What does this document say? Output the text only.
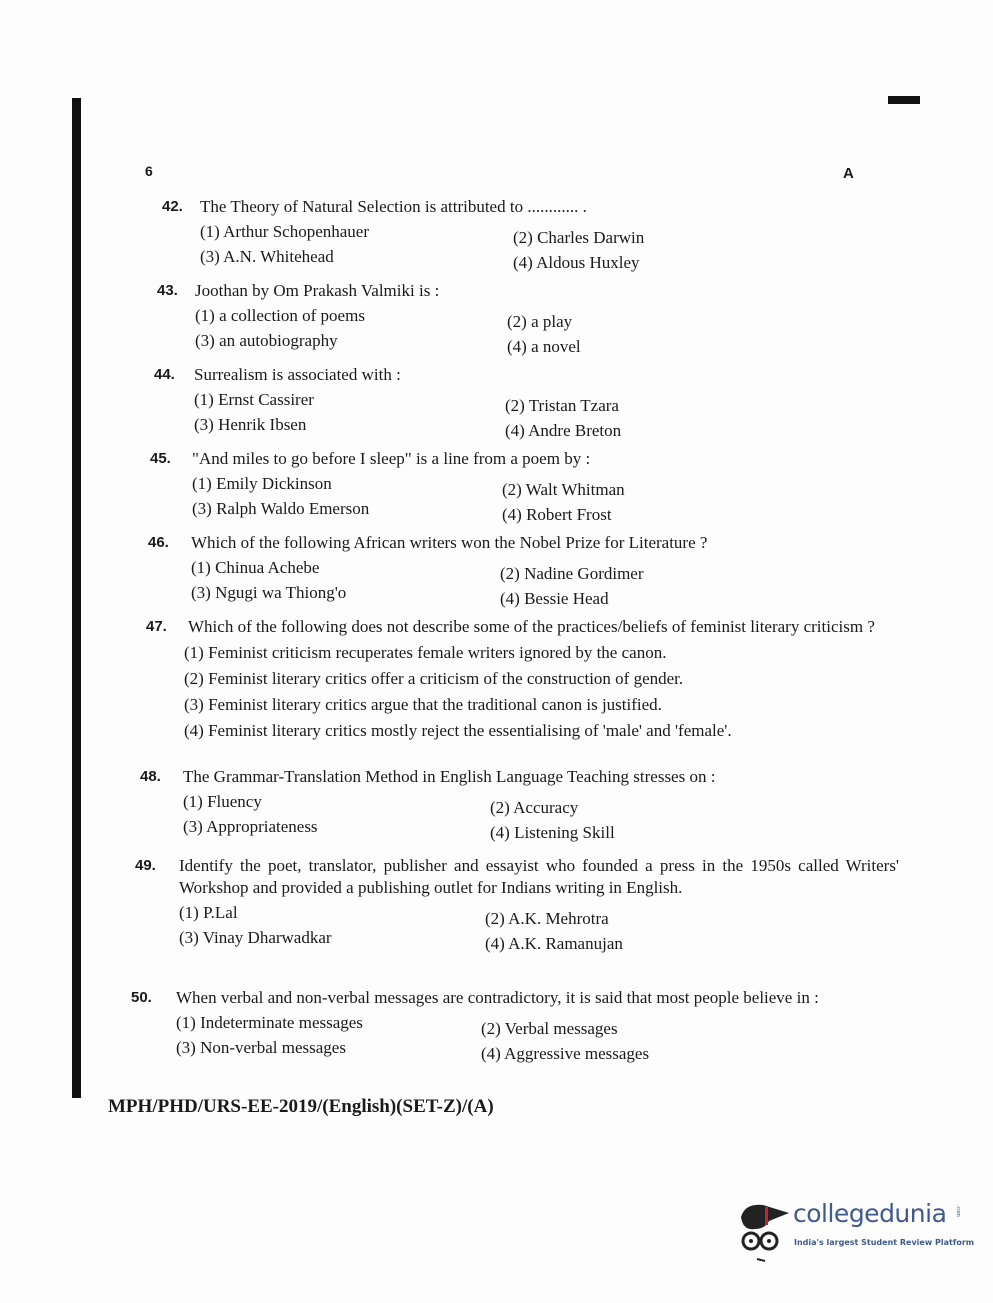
6	A
42. The Theory of Natural Selection is attributed to ............ .
(1) Arthur Schopenhauer	(2) Charles Darwin
(3) A.N. Whitehead	(4) Aldous Huxley
43. Joothan by Om Prakash Valmiki is :
(1) a collection of poems	(2) a play
(3) an autobiography	(4) a novel
44. Surrealism is associated with :
(1) Ernst Cassirer	(2) Tristan Tzara
(3) Henrik Ibsen	(4) Andre Breton
45. "And miles to go before I sleep" is a line from a poem by :
(1) Emily Dickinson	(2) Walt Whitman
(3) Ralph Waldo Emerson	(4) Robert Frost
46. Which of the following African writers won the Nobel Prize for Literature ?
(1) Chinua Achebe	(2) Nadine Gordimer
(3) Ngugi wa Thiong'o	(4) Bessie Head
47. Which of the following does not describe some of the practices/beliefs of feminist literary criticism ?
(1) Feminist criticism recuperates female writers ignored by the canon.
(2) Feminist literary critics offer a criticism of the construction of gender.
(3) Feminist literary critics argue that the traditional canon is justified.
(4) Feminist literary critics mostly reject the essentialising of 'male' and 'female'.
48. The Grammar-Translation Method in English Language Teaching stresses on :
(1) Fluency	(2) Accuracy
(3) Appropriateness	(4) Listening Skill
49. Identify the poet, translator, publisher and essayist who founded a press in the 1950s called Writers' Workshop and provided a publishing outlet for Indians writing in English.
(1) P.Lal	(2) A.K. Mehrotra
(3) Vinay Dharwadkar	(4) A.K. Ramanujan
50. When verbal and non-verbal messages are contradictory, it is said that most people believe in :
(1) Indeterminate messages	(2) Verbal messages
(3) Non-verbal messages	(4) Aggressive messages
MPH/PHD/URS-EE-2019/(English)(SET-Z)/(A)
collegedunia .com
India's largest Student Review Platform
